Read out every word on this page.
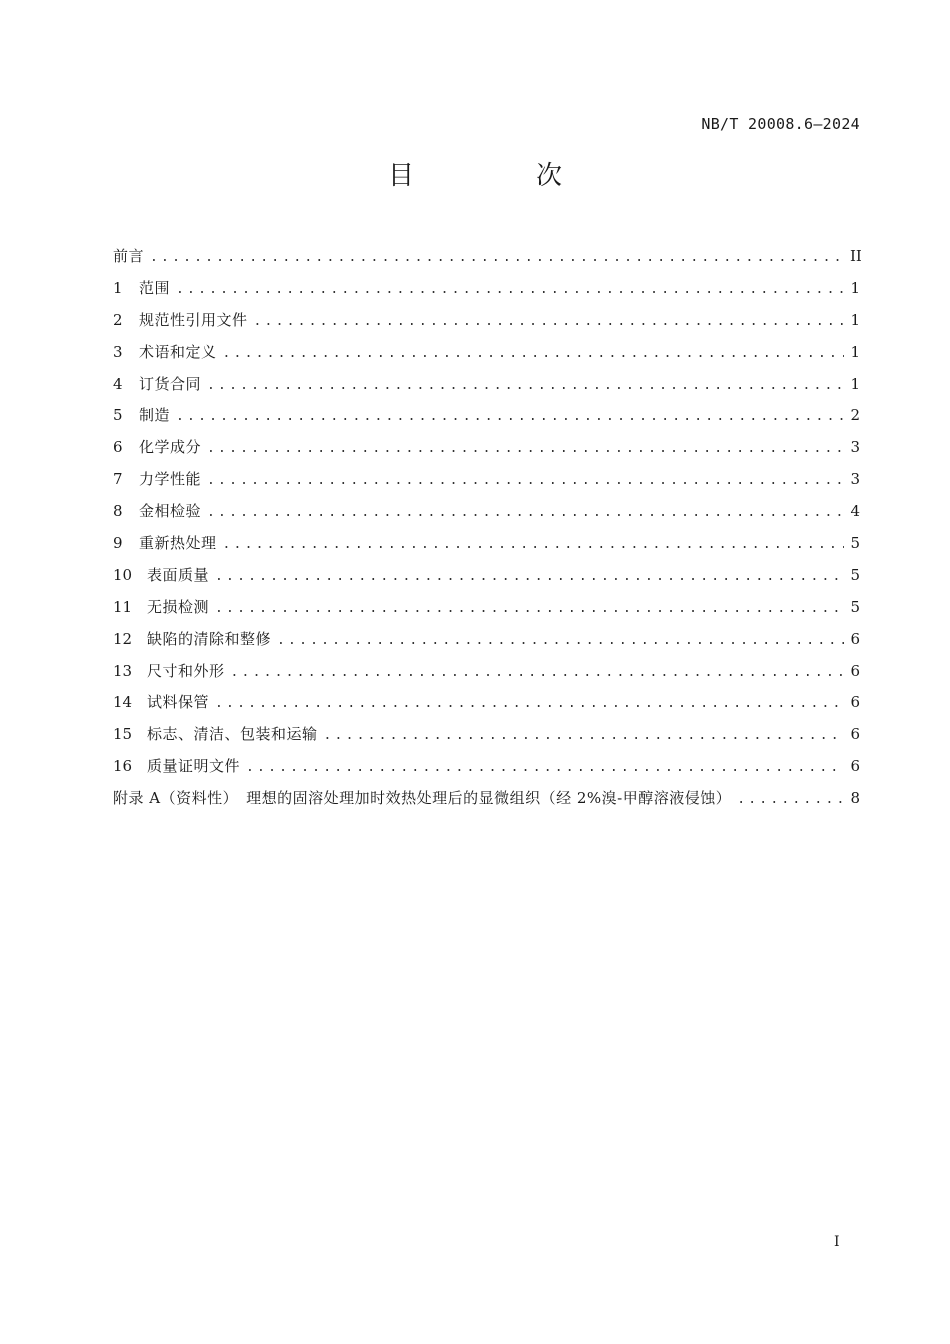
NB/T 20008.6—2024
目　次
前言 .....	II
1	范围 .....	1
2	规范性引用文件 .....	1
3	术语和定义 .....	1
4	订货合同 .....	1
5	制造 .....	2
6	化学成分 .....	3
7	力学性能 .....	3
8	金相检验 .....	4
9	重新热处理 .....	5
10 表面质量 .....	5
11 无损检测 .....	5
12 缺陷的清除和整修 .....	6
13 尺寸和外形 .....	6
14 试料保管 .....	6
15 标志、清洁、包装和运输 .....	6
16 质量证明文件 .....	6
附录 A（资料性）　理想的固溶处理加时效热处理后的显微组织（经 2%溴-甲醇溶液侵蚀） .....	8
I
